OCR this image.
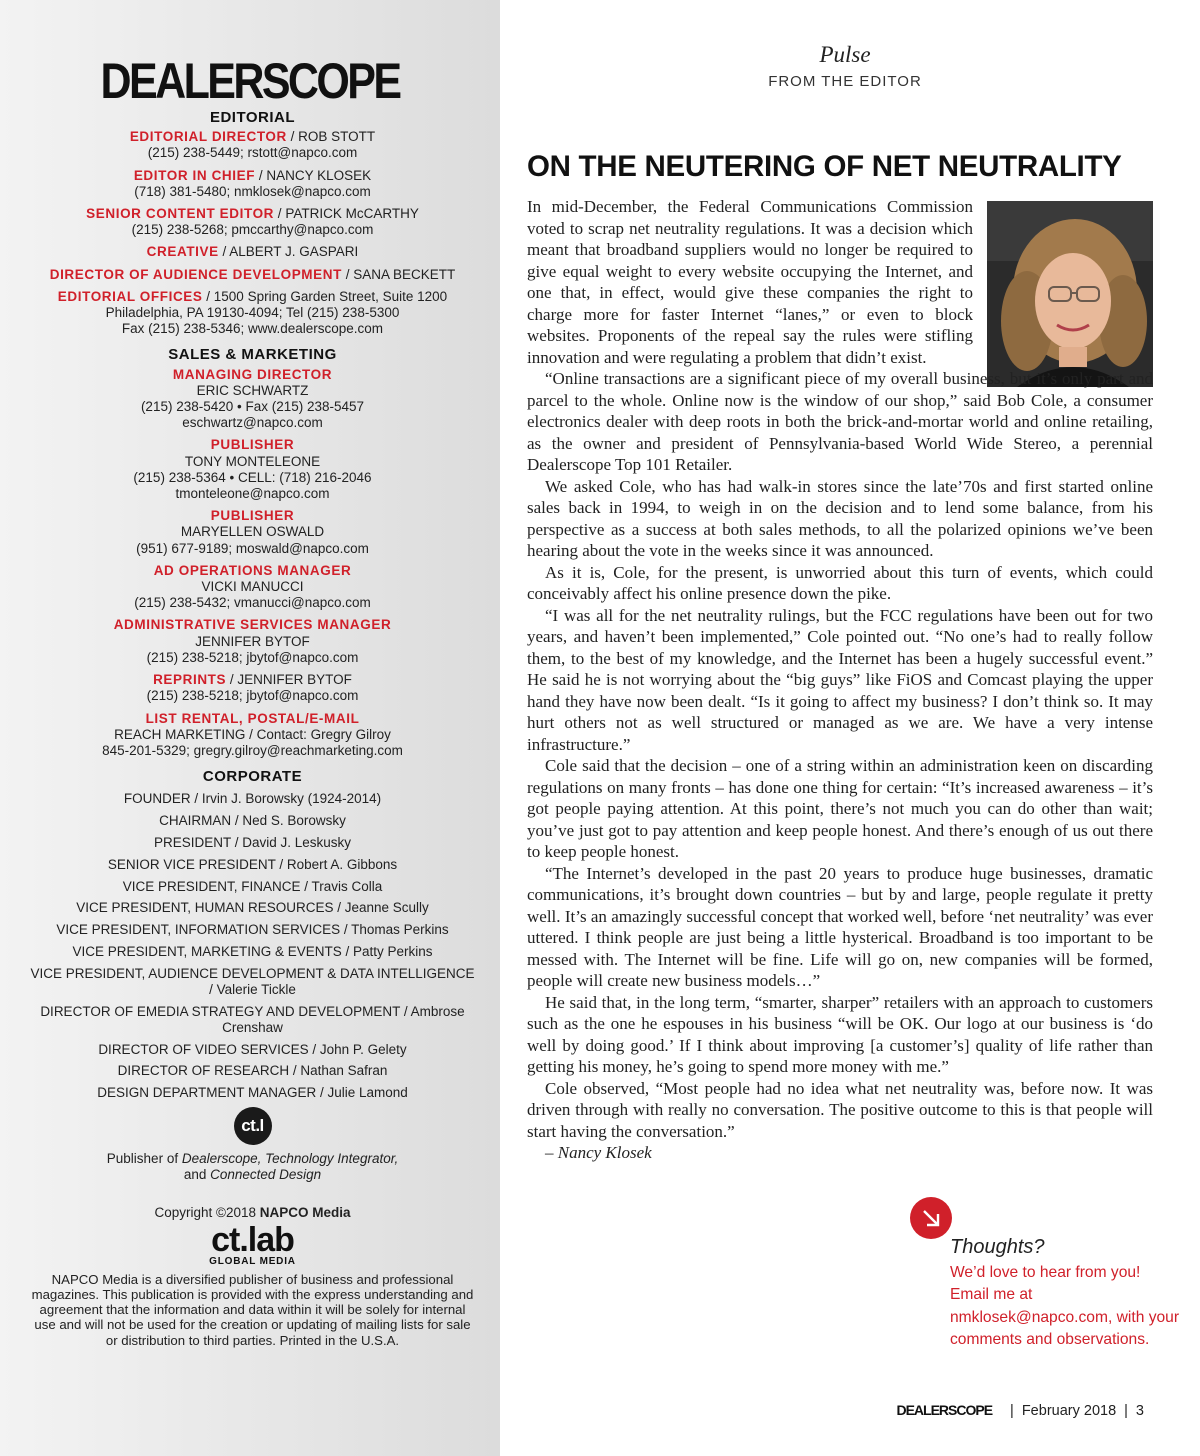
DEALERSCOPE
EDITORIAL
EDITORIAL DIRECTOR / ROB STOTT
(215) 238-5449; rstott@napco.com
EDITOR IN CHIEF / NANCY KLOSEK
(718) 381-5480; nmklosek@napco.com
SENIOR CONTENT EDITOR / PATRICK McCARTHY
(215) 238-5268; pmccarthy@napco.com
CREATIVE / ALBERT J. GASPARI
DIRECTOR OF AUDIENCE DEVELOPMENT / SANA BECKETT
EDITORIAL OFFICES / 1500 Spring Garden Street, Suite 1200
Philadelphia, PA 19130-4094; Tel (215) 238-5300
Fax (215) 238-5346; www.dealerscope.com
SALES & MARKETING
MANAGING DIRECTOR
ERIC SCHWARTZ
(215) 238-5420 • Fax (215) 238-5457
eschwartz@napco.com
PUBLISHER
TONY MONTELEONE
(215) 238-5364 • CELL: (718) 216-2046
tmonteleone@napco.com
PUBLISHER
MARYELLEN OSWALD
(951) 677-9189; moswald@napco.com
AD OPERATIONS MANAGER
VICKI MANUCCI
(215) 238-5432; vmanucci@napco.com
ADMINISTRATIVE SERVICES MANAGER
JENNIFER BYTOF
(215) 238-5218; jbytof@napco.com
REPRINTS / JENNIFER BYTOF
(215) 238-5218; jbytof@napco.com
LIST RENTAL, POSTAL/E-MAIL
REACH MARKETING / Contact: Gregry Gilroy
845-201-5329; gregry.gilroy@reachmarketing.com
CORPORATE
FOUNDER / Irvin J. Borowsky (1924-2014)
CHAIRMAN / Ned S. Borowsky
PRESIDENT / David J. Leskusky
SENIOR VICE PRESIDENT / Robert A. Gibbons
VICE PRESIDENT, FINANCE / Travis Colla
VICE PRESIDENT, HUMAN RESOURCES / Jeanne Scully
VICE PRESIDENT, INFORMATION SERVICES / Thomas Perkins
VICE PRESIDENT, MARKETING & EVENTS / Patty Perkins
VICE PRESIDENT, AUDIENCE DEVELOPMENT & DATA INTELLIGENCE / Valerie Tickle
DIRECTOR OF EMEDIA STRATEGY AND DEVELOPMENT / Ambrose Crenshaw
DIRECTOR OF VIDEO SERVICES / John P. Gelety
DIRECTOR OF RESEARCH / Nathan Safran
DESIGN DEPARTMENT MANAGER / Julie Lamond
ct.l
Publisher of Dealerscope, Technology Integrator,
and Connected Design
Copyright ©2018 NAPCO Media
ct.lab
GLOBAL MEDIA
NAPCO Media is a diversified publisher of business and professional magazines. This publication is provided with the express understanding and agreement that the information and data within it will be solely for internal use and will not be used for the creation or updating of mailing lists for sale or distribution to third parties. Printed in the U.S.A.
Pulse
FROM THE EDITOR
ON THE NEUTERING OF NET NEUTRALITY

In mid-December, the Federal Communications Commission voted to scrap net neutrality regulations. It was a decision which meant that broadband suppliers would no longer be required to give equal weight to every website occupying the Internet, and one that, in effect, would give these companies the right to charge more for faster Internet “lanes,” or even to block websites. Proponents of the repeal say the rules were stifling innovation and were regulating a problem that didn’t exist.

“Online transactions are a significant piece of my overall business, but it’s only part and parcel to the whole. Online now is the window of our shop,” said Bob Cole, a consumer electronics dealer with deep roots in both the brick-and-mortar world and online retailing, as the owner and president of Pennsylvania-based World Wide Stereo, a perennial Dealerscope Top 101 Retailer.

We asked Cole, who has had walk-in stores since the late’70s and first started online sales back in 1994, to weigh in on the decision and to lend some balance, from his perspective as a success at both sales methods, to all the polarized opinions we’ve been hearing about the vote in the weeks since it was announced.

As it is, Cole, for the present, is unworried about this turn of events, which could conceivably affect his online presence down the pike.

“I was all for the net neutrality rulings, but the FCC regulations have been out for two years, and haven’t been implemented,” Cole pointed out. “No one’s had to really follow them, to the best of my knowledge, and the Internet has been a hugely successful event.” He said he is not worrying about the “big guys” like FiOS and Comcast playing the upper hand they have now been dealt. “Is it going to affect my business? I don’t think so. It may hurt others not as well structured or managed as we are. We have a very intense infrastructure.”

Cole said that the decision – one of a string within an administration keen on discarding regulations on many fronts – has done one thing for certain: “It’s increased awareness – it’s got people paying attention. At this point, there’s not much you can do other than wait; you’ve just got to pay attention and keep people honest. And there’s enough of us out there to keep people honest.

“The Internet’s developed in the past 20 years to produce huge businesses, dramatic communications, it’s brought down countries – but by and large, people regulate it pretty well. It’s an amazingly successful concept that worked well, before ‘net neutrality’ was ever uttered. I think people are just being a little hysterical. Broadband is too important to be messed with. The Internet will be fine. Life will go on, new companies will be formed, people will create new business models…”

He said that, in the long term, “smarter, sharper” retailers with an approach to customers such as the one he espouses in his business “will be OK. Our logo at our business is ‘do well by doing good.’ If I think about improving [a customer’s] quality of life rather than getting his money, he’s going to spend more money with me.”

Cole observed, “Most people had no idea what net neutrality was, before now. It was driven through with really no conversation. The positive outcome to this is that people will start having the conversation.”

– Nancy Klosek
Thoughts?
We’d love to hear from you! Email me at nmklosek@napco.com, with your comments and observations.
DEALERSCOPE | February 2018 | 3
